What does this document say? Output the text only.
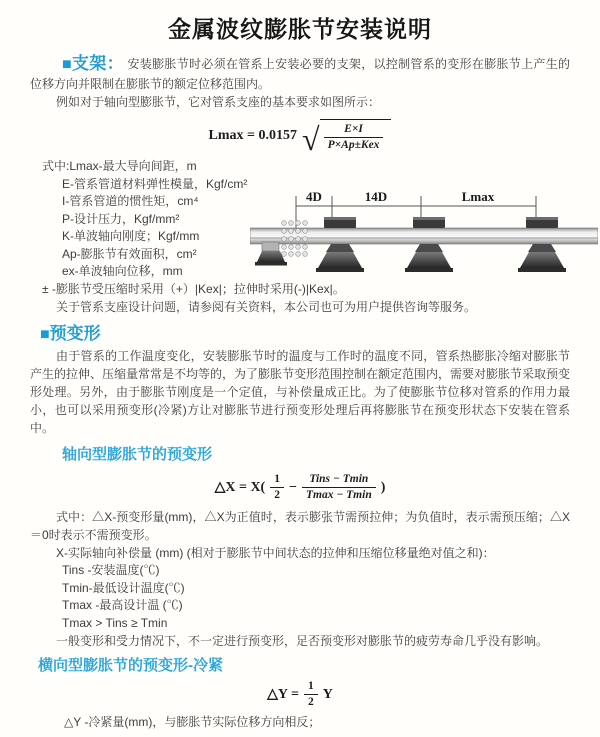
金属波纹膨胀节安装说明

■支架： 安装膨胀节时必须在管系上安装必要的支架，以控制管系的变形在膨胀节上产生的位移方向并限制在膨胀节的额定位移范围内。

例如对于轴向型膨胀节，它对管系支座的基本要求如图所示：

Lmax = 0.0157 √ $\frac{E\times I}{\text{P×Ap±Kex}}$
式中:Lmax-最大导向间距，m
E-管系管道材料弹性模量，Kgf/cm²
I-管系管道的惯性矩，cm⁴
P-设计压力，Kgf/mm²
K-单波轴向刚度；Kgf/mm
Ap-膨胀节有效面积，cm²
ex-单波轴向位移，mm
± -膨胀节受压缩时采用（+）|Kex|；拉伸时采用(-)|Kex|。

关于管系支座设计问题，请参阅有关资料，本公司也可为用户提供咨询等服务。

■预变形

由于管系的工作温度变化，安装膨胀节时的温度与工作时的温度不同，管系热膨胀冷缩对膨胀节产生的拉伸、压缩量常常是不均等的，为了膨胀节变形范围控制在额定范围内，需要对膨胀节采取预变形处理。另外，由于膨胀节刚度是一个定值，与补偿量成正比。为了使膨胀节位移对管系的作用力最小，也可以采用预变形(冷紧)方让对膨胀节进行预变形处理后再将膨胀节在预变形状态下安装在管系中。

轴向型膨胀节的预变形
△X = $X( \frac{1}{2} - \frac{\text{Tins − Tmin}}{Tmax - Tmin}$ )

式中：△X-预变形量(mm)，△X为正值时，表示膨张节需预拉伸；为负值时，表示需预压缩；△X＝0时表示不需预变形。

X-实际轴向补偿量 (mm) (相对于膨胀节中间状态的拉伸和压缩位移量绝对值之和)：

Tins -安装温度(℃)
Tmin-最低设计温度(℃)
Tmax -最高设计温 (℃)
Tmax > Tins ≥ Tmin

一般变形和受力情况下，不一定进行预变形，足否预变形对膨胀节的疲劳寿命几乎没有影响。

横向型膨胀节的预变形-冷紧
△Y = $\frac{1}{2}$ Y

△Y -冷紧量(mm)，与膨胀节实际位移方向相反；

4D	14D	Lmax
